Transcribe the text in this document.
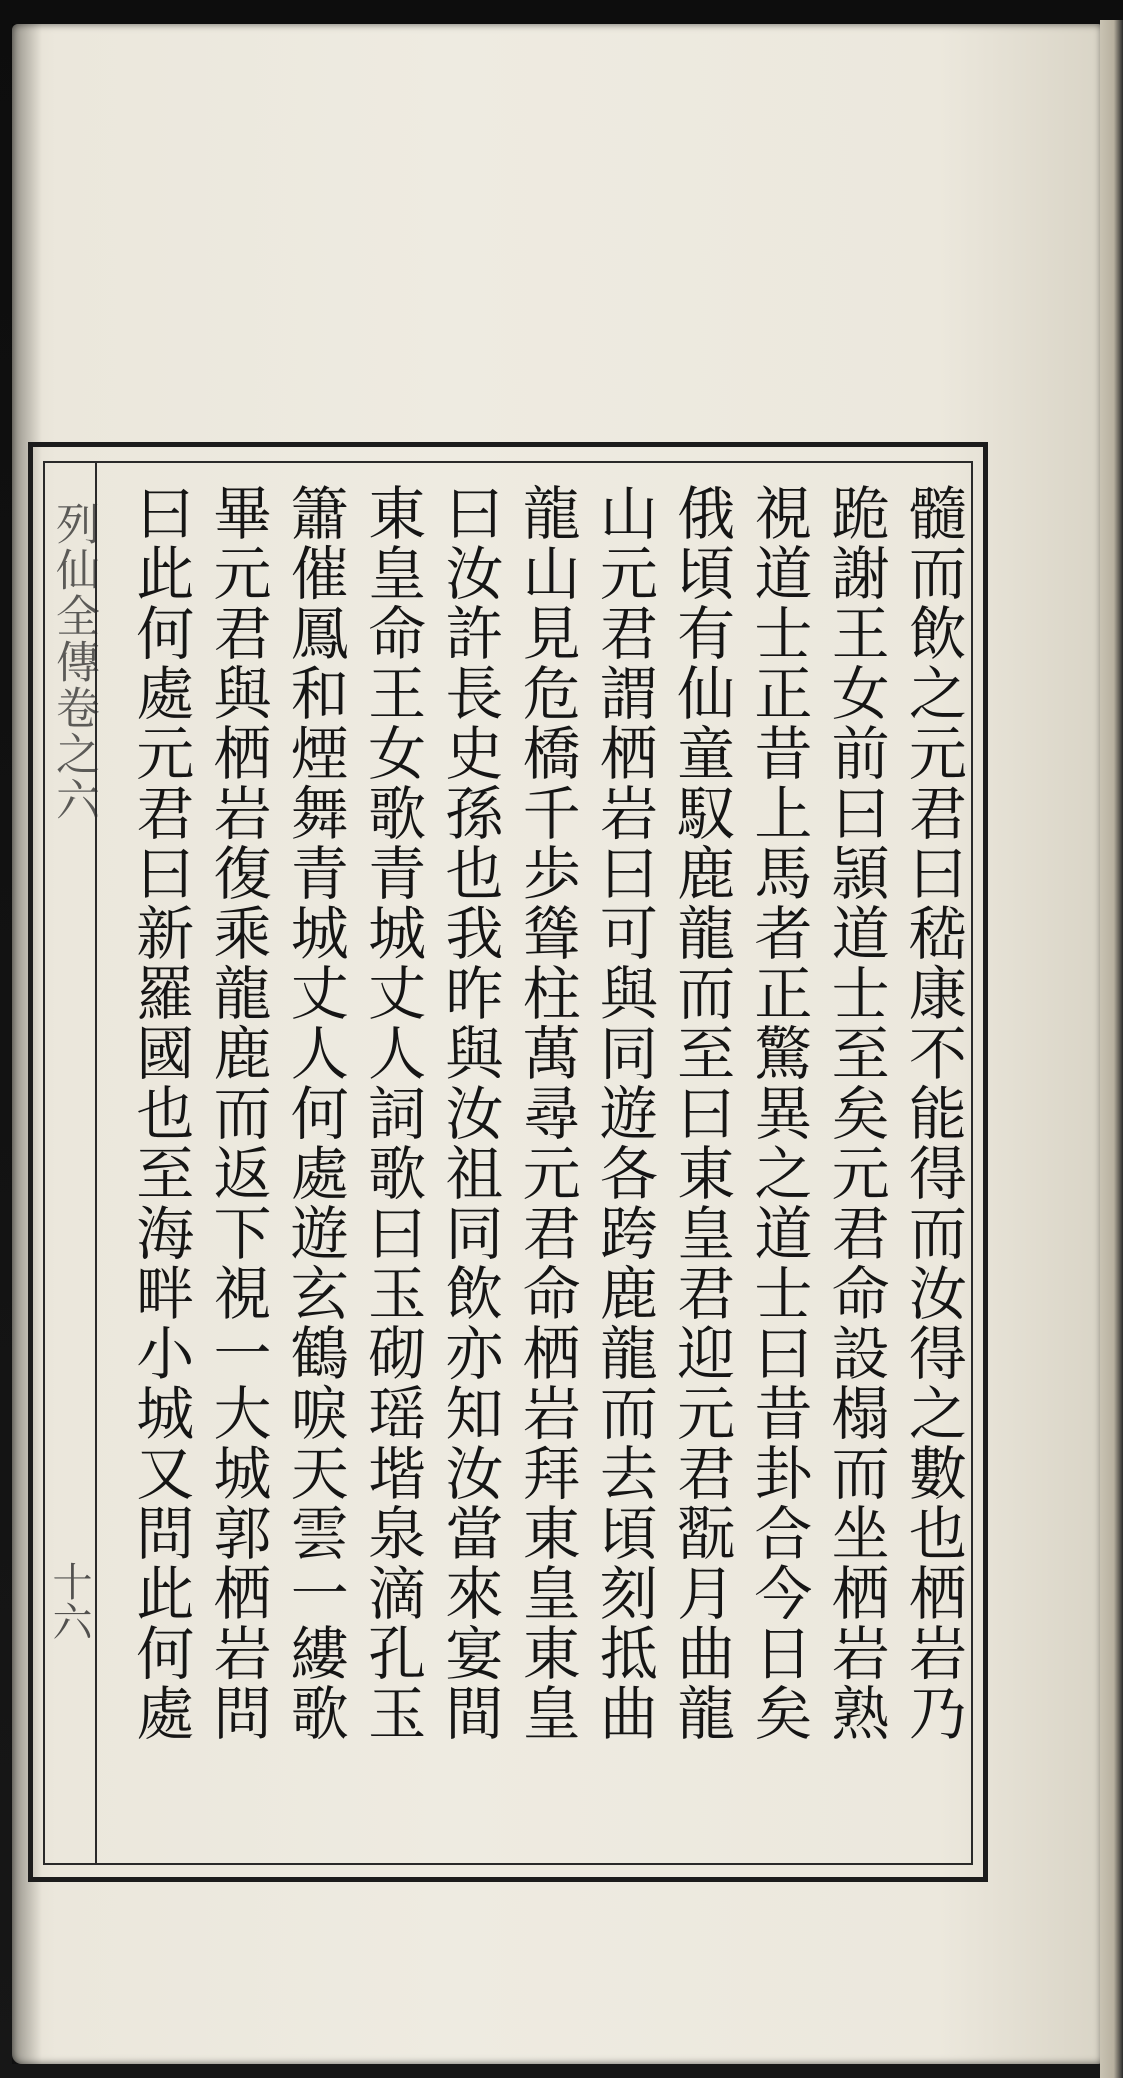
列仙全傳卷之六
十六	髓而飲之元君曰嵇康不能得而汝得之數也栖岩乃
跪謝王女前曰頴道士至矣元君命設榻而坐栖岩熟
視道士正昔上馬者正驚異之道士曰昔卦合今日矣
俄頃有仙童馭鹿龍而至曰東皇君迎元君翫月曲龍
山元君謂栖岩曰可與同遊各跨鹿龍而去頃刻抵曲
龍山見危橋千歩聳柱萬尋元君命栖岩拜東皇東皇
曰汝許長史孫也我昨與汝祖同飲亦知汝當來宴間
東皇命王女歌青城丈人詞歌曰玉砌瑶堦泉滴孔玉
簫催鳳和煙舞青城丈人何處遊玄鶴唳天雲一縷歌
畢元君與栖岩復乘龍鹿而返下視一大城郭栖岩問
曰此何處元君曰新羅國也至海畔小城又問此何處
